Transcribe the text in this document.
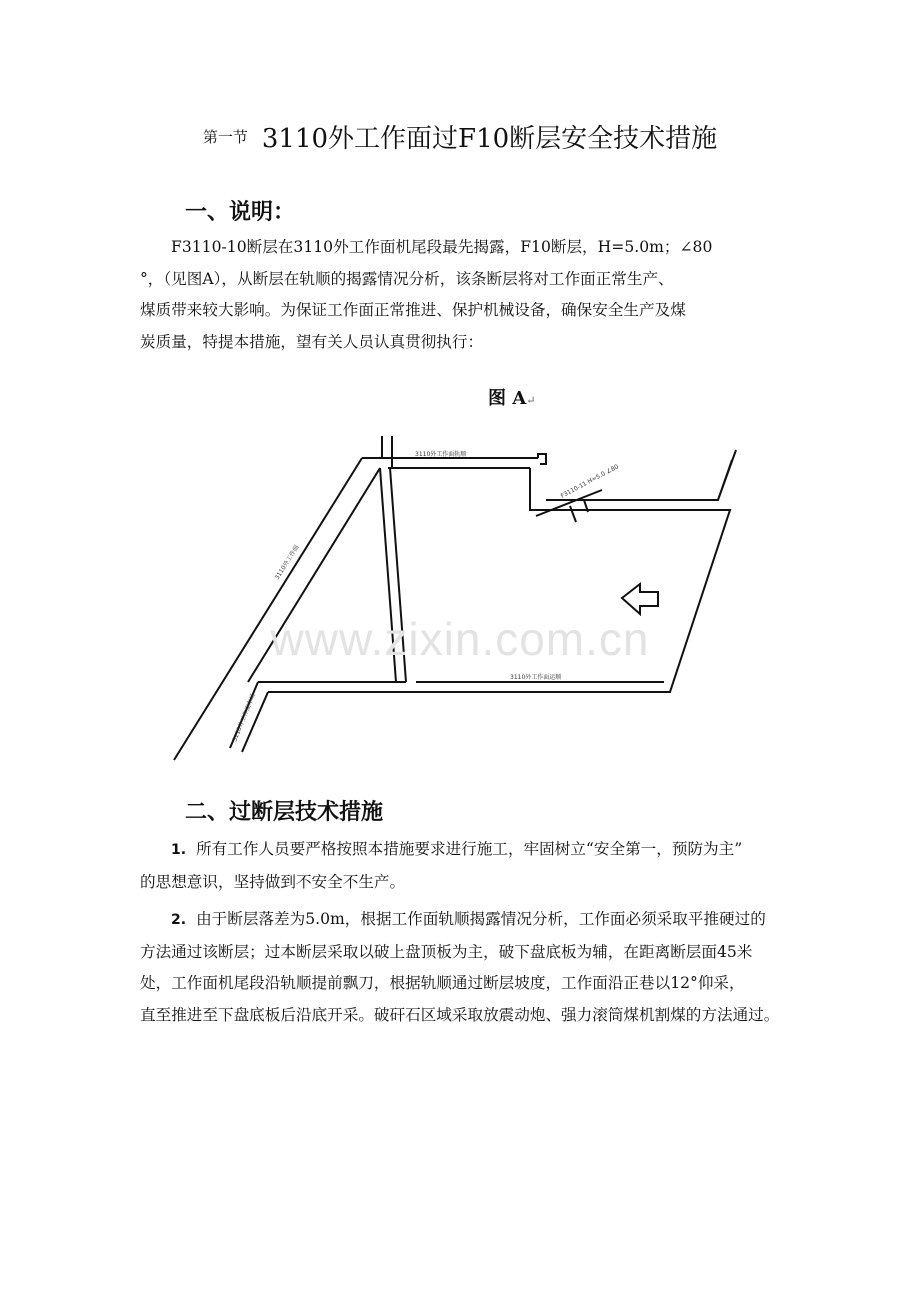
第一节 3110外工作面过F10断层安全技术措施
一、说明：
F3110-10断层在3110外工作面机尾段最先揭露，F10断层，H=5.0m；∠80
°，（见图A），从断层在轨顺的揭露情况分析，该条断层将对工作面正常生产、
煤质带来较大影响。为保证工作面正常推进、保护机械设备，确保安全生产及煤
炭质量，特提本措施，望有关人员认真贯彻执行：
图 A↵
3110外工作面轨顺
3110外工作面运顺
F3110-11 H=5.0 ∠80
3110外工作面
3110外工作面车场
www.zixin.com.cn
二、过断层技术措施
1. 所有工作人员要严格按照本措施要求进行施工，牢固树立“安全第一，预防为主”
的思想意识，坚持做到不安全不生产。
2. 由于断层落差为5.0m，根据工作面轨顺揭露情况分析，工作面必须采取平推硬过的
方法通过该断层；过本断层采取以破上盘顶板为主，破下盘底板为辅，在距离断层面45米
处，工作面机尾段沿轨顺提前飘刀，根据轨顺通过断层坡度，工作面沿正巷以12°仰采，
直至推进至下盘底板后沿底开采。破矸石区域采取放震动炮、强力滚筒煤机割煤的方法通过。
